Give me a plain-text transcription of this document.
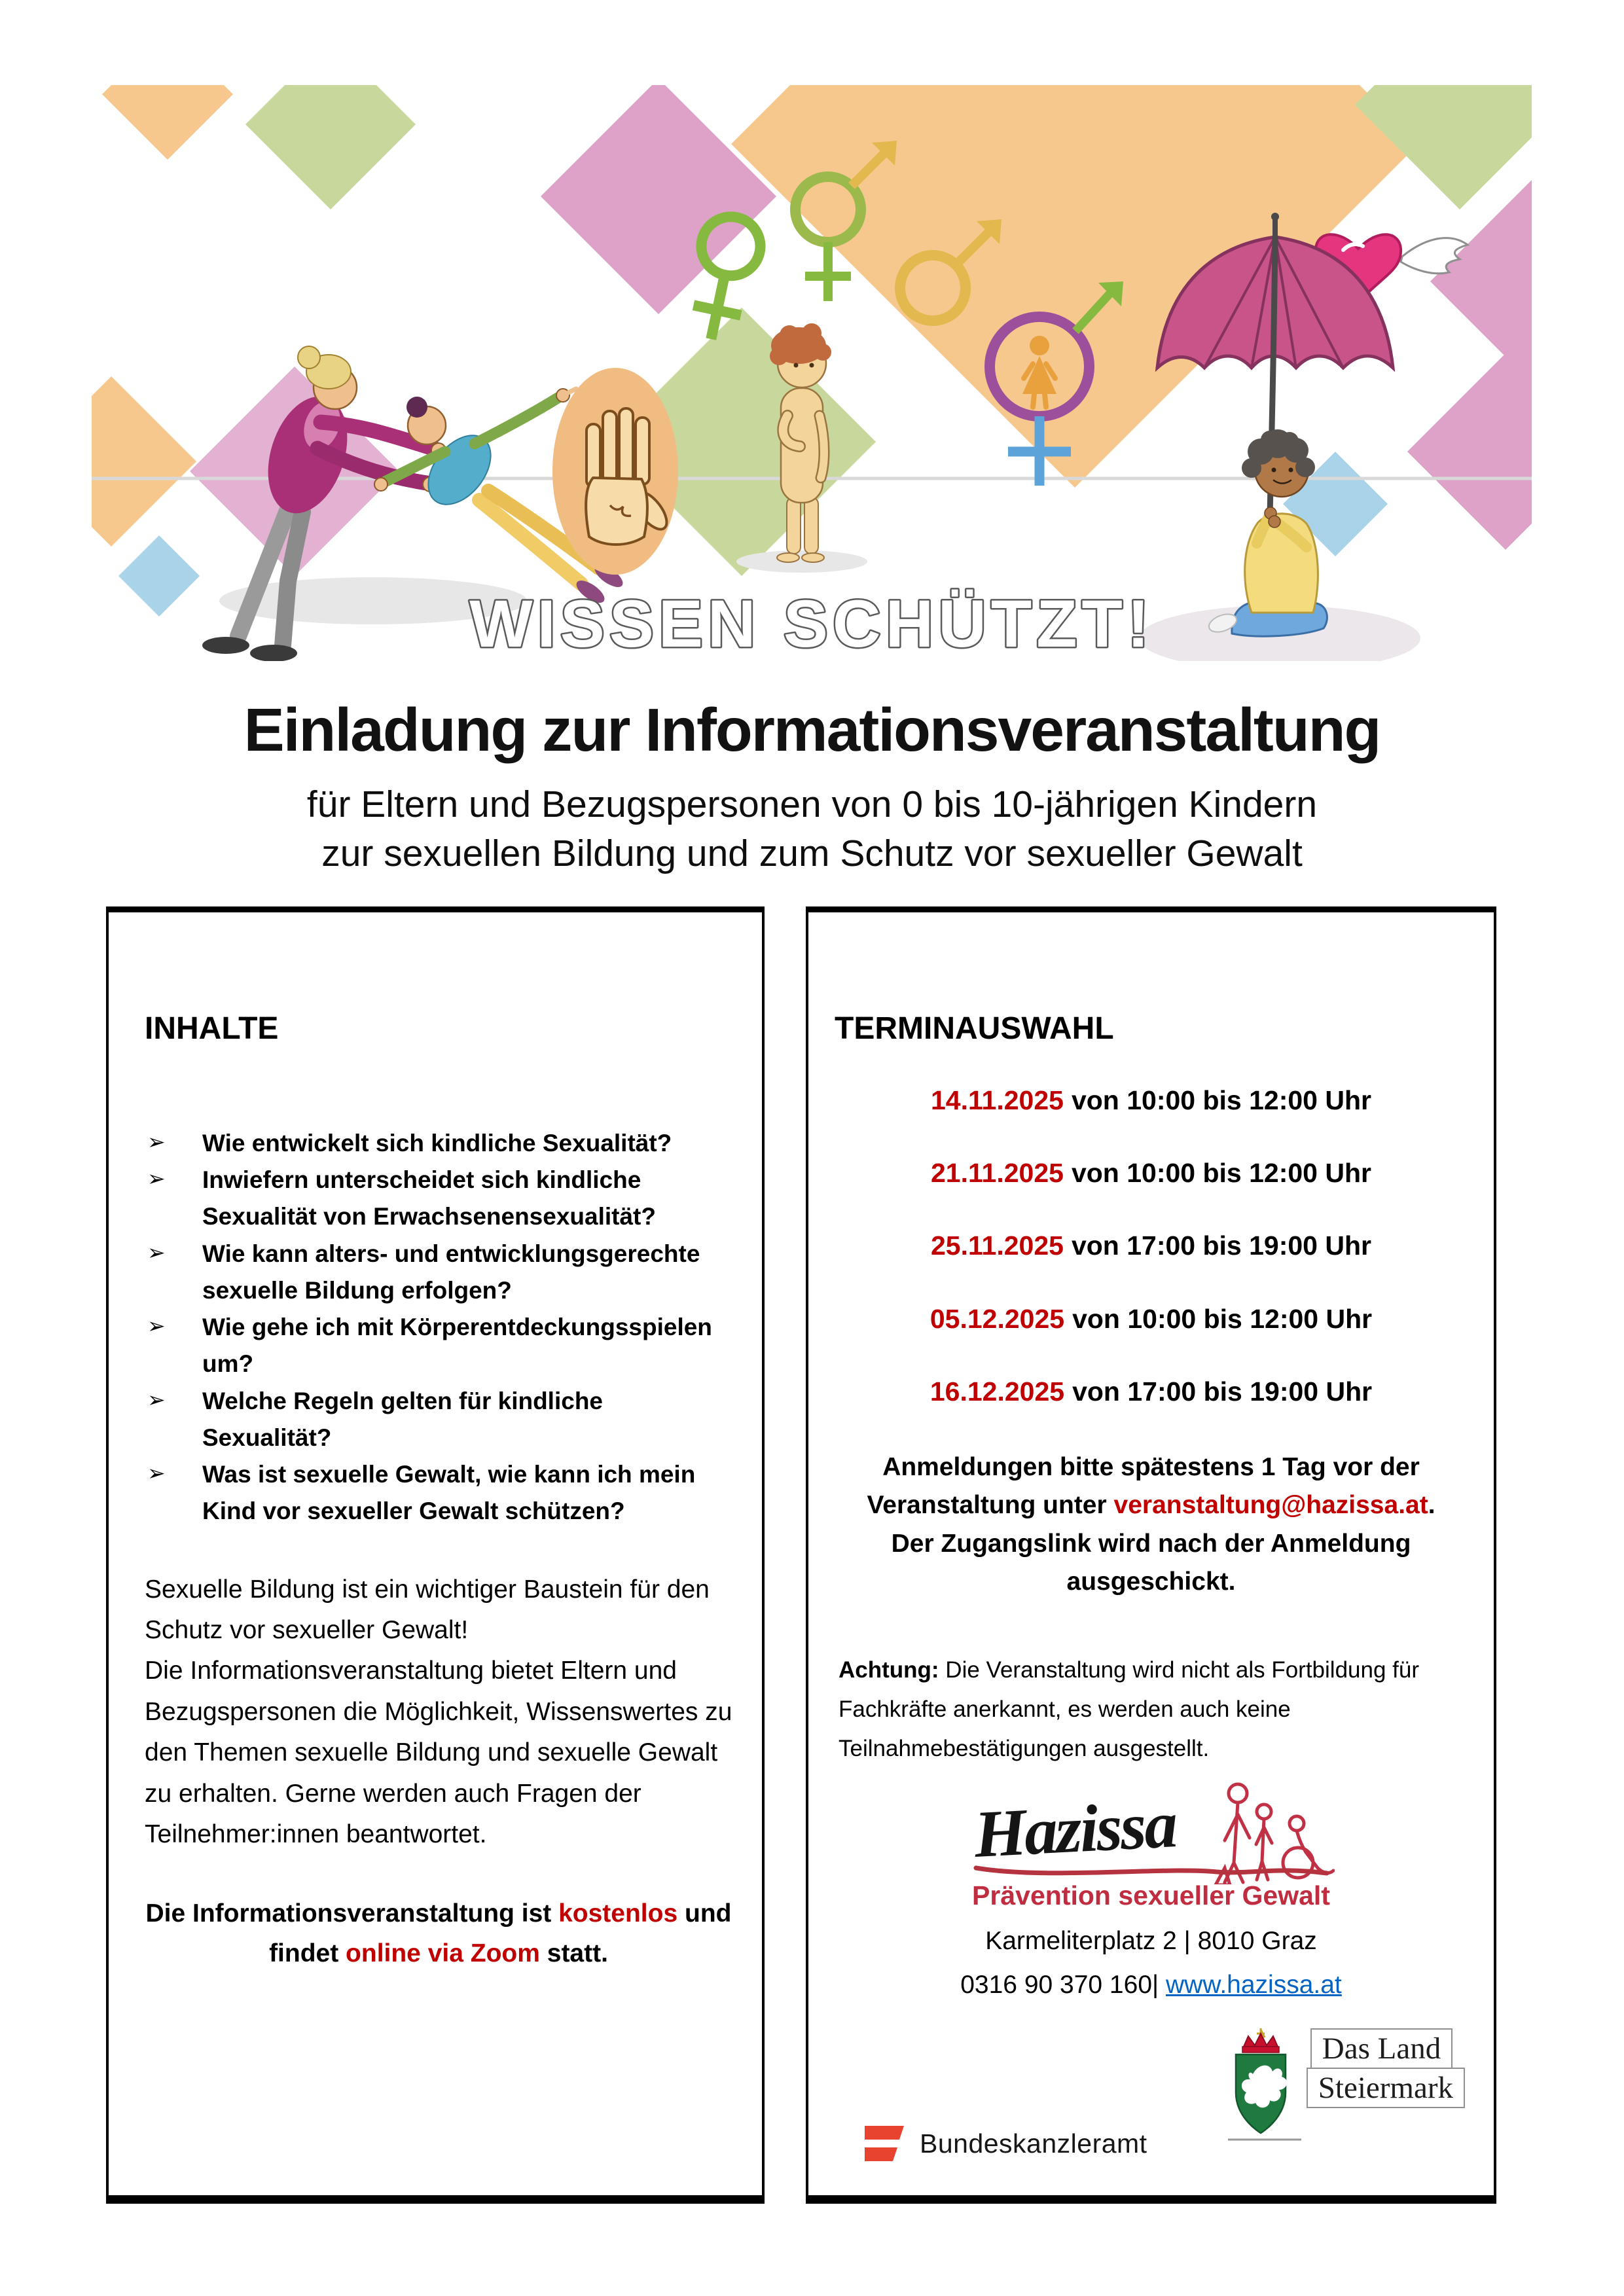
WISSEN SCHÜTZT!
Einladung zur Informationsveranstaltung
für Eltern und Bezugspersonen von 0 bis 10-jährigen Kindern
zur sexuellen Bildung und zum Schutz vor sexueller Gewalt
INHALTE
➢ Wie entwickelt sich kindliche Sexualität?
➢ Inwiefern unterscheidet sich kindliche Sexualität von Erwachsenensexualität?
➢ Wie kann alters- und entwicklungsgerechte sexuelle Bildung erfolgen?
➢ Wie gehe ich mit Körperentdeckungsspielen um?
➢ Welche Regeln gelten für kindliche Sexualität?
➢ Was ist sexuelle Gewalt, wie kann ich mein Kind vor sexueller Gewalt schützen?

Sexuelle Bildung ist ein wichtiger Baustein für den Schutz vor sexueller Gewalt!
Die Informationsveranstaltung bietet Eltern und Bezugspersonen die Möglichkeit, Wissenswertes zu den Themen sexuelle Bildung und sexuelle Gewalt zu erhalten. Gerne werden auch Fragen der Teilnehmer:innen beantwortet.

Die Informationsveranstaltung ist kostenlos und
findet online via Zoom statt.

TERMINAUSWAHL
14.11.2025 von 10:00 bis 12:00 Uhr
21.11.2025 von 10:00 bis 12:00 Uhr
25.11.2025 von 17:00 bis 19:00 Uhr
05.12.2025 von 10:00 bis 12:00 Uhr
16.12.2025 von 17:00 bis 19:00 Uhr

Anmeldungen bitte spätestens 1 Tag vor der Veranstaltung unter veranstaltung@hazissa.at. Der Zugangslink wird nach der Anmeldung ausgeschickt.

Achtung: Die Veranstaltung wird nicht als Fortbildung für Fachkräfte anerkannt, es werden auch keine Teilnahmebestätigungen ausgestellt.

Hazissa
Prävention sexueller Gewalt
Karmeliterplatz 2 | 8010 Graz
0316 90 370 160| www.hazissa.at
Das Land
Steiermark
Bundeskanzleramt
